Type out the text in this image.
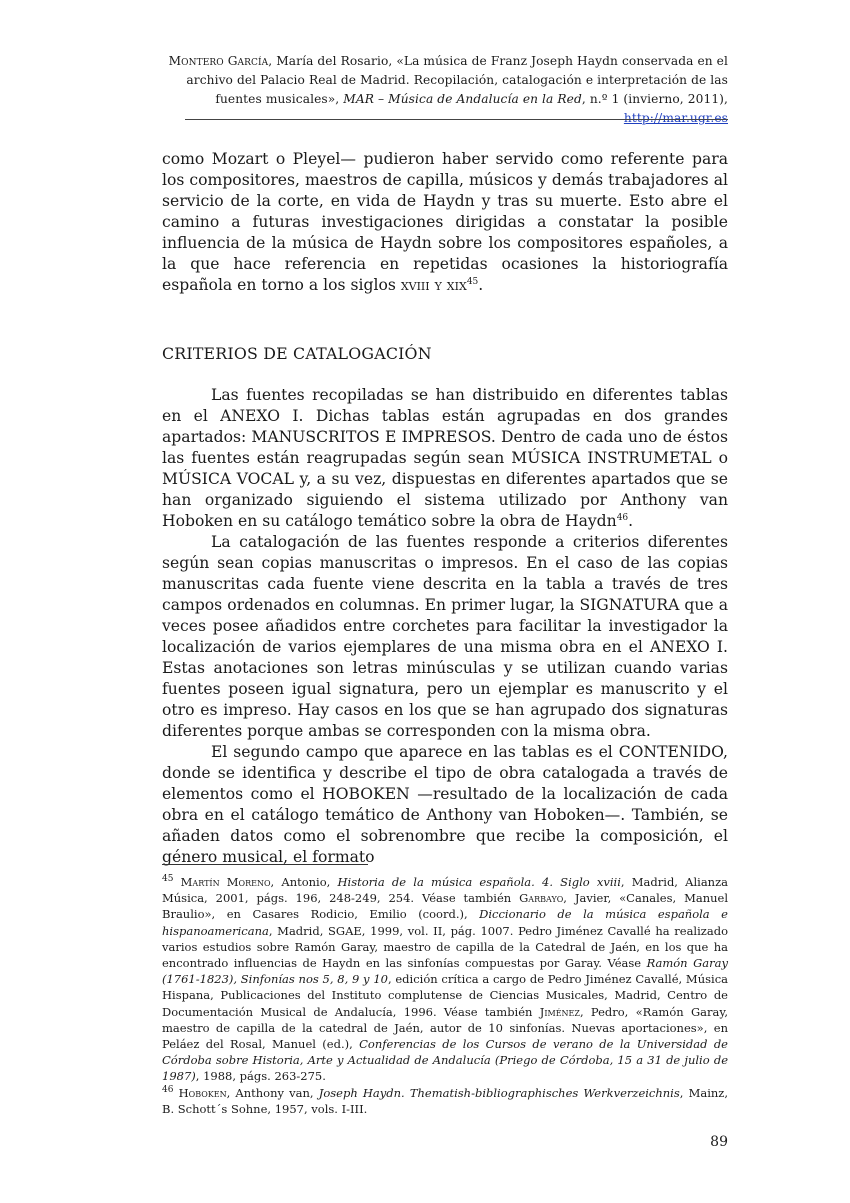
Montero García, María del Rosario, «La música de Franz Joseph Haydn conservada en el archivo del Palacio Real de Madrid. Recopilación, catalogación e interpretación de las fuentes musicales», MAR – Música de Andalucía en la Red, n.º 1 (invierno, 2011), http://mar.ugr.es

como Mozart o Pleyel— pudieron haber servido como referente para los compositores, maestros de capilla, músicos y demás trabajadores al servicio de la corte, en vida de Haydn y tras su muerte. Esto abre el camino a futuras investigaciones dirigidas a constatar la posible influencia de la música de Haydn sobre los compositores españoles, a la que hace referencia en repetidas ocasiones la historiografía española en torno a los siglos xviii y xix$^{45}$.

CRITERIOS DE CATALOGACIÓN

Las fuentes recopiladas se han distribuido en diferentes tablas en el ANEXO I. Dichas tablas están agrupadas en dos grandes apartados: MANUSCRITOS E IMPRESOS. Dentro de cada uno de éstos las fuentes están reagrupadas según sean MÚSICA INSTRUMETAL o MÚSICA VOCAL y, a su vez, dispuestas en diferentes apartados que se han organizado siguiendo el sistema utilizado por Anthony van Hoboken en su catálogo temático sobre la obra de Haydn$^{46}$.

La catalogación de las fuentes responde a criterios diferentes según sean copias manuscritas o impresos. En el caso de las copias manuscritas cada fuente viene descrita en la tabla a través de tres campos ordenados en columnas. En primer lugar, la SIGNATURA que a veces posee añadidos entre corchetes para facilitar la investigador la localización de varios ejemplares de una misma obra en el ANEXO I. Estas anotaciones son letras minúsculas y se utilizan cuando varias fuentes poseen igual signatura, pero un ejemplar es manuscrito y el otro es impreso. Hay casos en los que se han agrupado dos signaturas diferentes porque ambas se corresponden con la misma obra.

El segundo campo que aparece en las tablas es el CONTENIDO, donde se identifica y describe el tipo de obra catalogada a través de elementos como el HOBOKEN —resultado de la localización de cada obra en el catálogo temático de Anthony van Hoboken—. También, se añaden datos como el sobrenombre que recibe la composición, el género musical, el formato

$^{45}$ Martín Moreno, Antonio, Historia de la música española. 4. Siglo xviii, Madrid, Alianza Música, 2001, págs. 196, 248-249, 254. Véase también Garbayo, Javier, «Canales, Manuel Braulio», en Casares Rodicio, Emilio (coord.), Diccionario de la música española e hispanoamericana, Madrid, SGAE, 1999, vol. II, pág. 1007. Pedro Jiménez Cavallé ha realizado varios estudios sobre Ramón Garay, maestro de capilla de la Catedral de Jaén, en los que ha encontrado influencias de Haydn en las sinfonías compuestas por Garay. Véase Ramón Garay (1761-1823), Sinfonías nos 5, 8, 9 y 10, edición crítica a cargo de Pedro Jiménez Cavallé, Música Hispana, Publicaciones del Instituto complutense de Ciencias Musicales, Madrid, Centro de Documentación Musical de Andalucía, 1996. Véase también Jiménez, Pedro, «Ramón Garay, maestro de capilla de la catedral de Jaén, autor de 10 sinfonías. Nuevas aportaciones», en Peláez del Rosal, Manuel (ed.), Conferencias de los Cursos de verano de la Universidad de Córdoba sobre Historia, Arte y Actualidad de Andalucía (Priego de Córdoba, 15 a 31 de julio de 1987), 1988, págs. 263-275.

$^{46}$ Hoboken, Anthony van, Joseph Haydn. Thematish-bibliographisches Werkverzeichnis, Mainz, B. Schott´s Sohne, 1957, vols. I-III.

89
